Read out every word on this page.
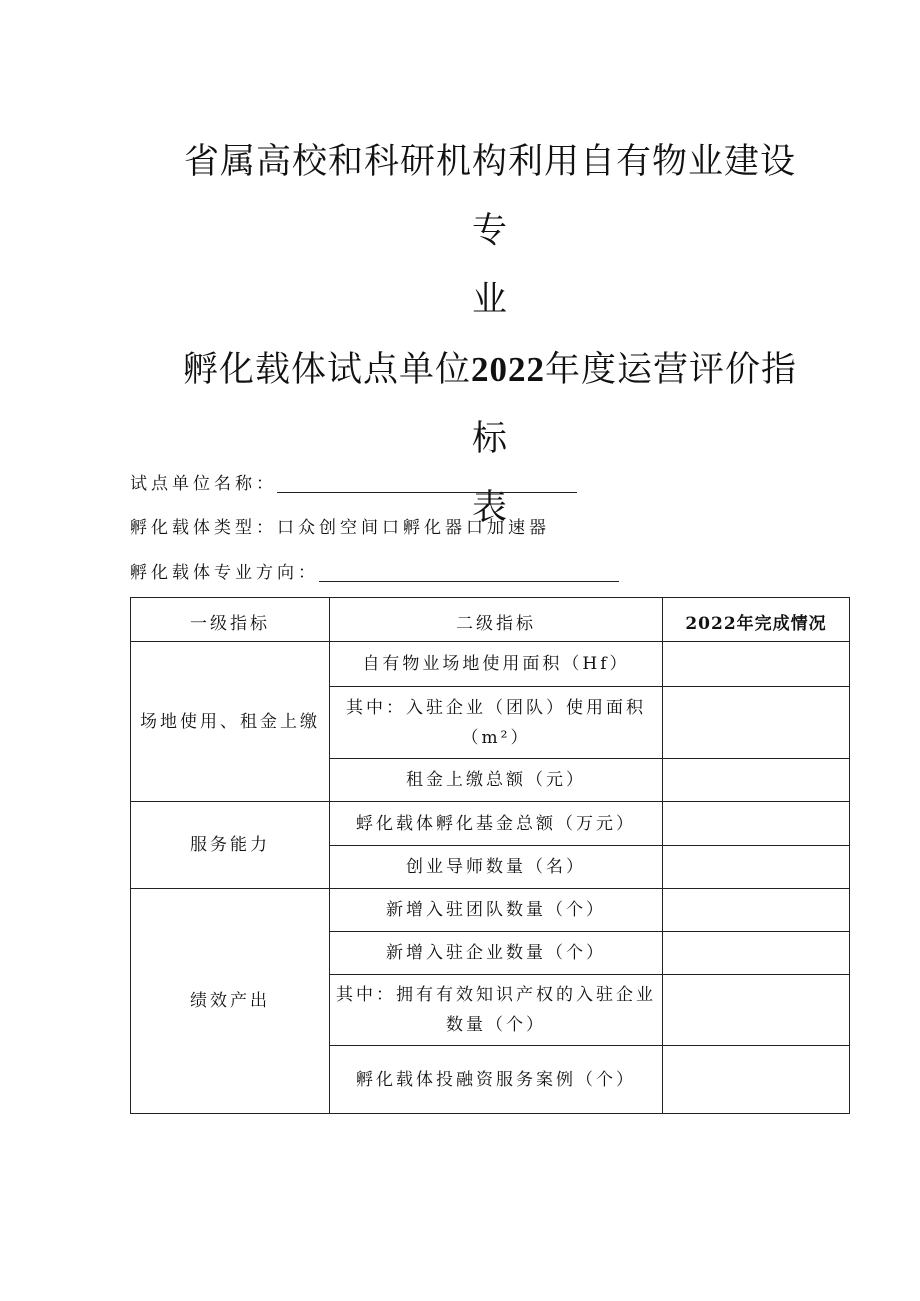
省属高校和科研机构利用自有物业建设专
业
孵化载体试点单位2022年度运营评价指标
表
试点单位名称：
孵化载体类型：口众创空间口孵化器口加速器
孵化载体专业方向：
一级指标	二级指标	2022年完成情况
场地使用、租金上缴	自有物业场地使用面积（Hf）	
	其中：入驻企业（团队）使用面积（m²）	
	租金上缴总额（元）	
服务能力	蜉化载体孵化基金总额（万元）	
	创业导师数量（名）	
绩效产出	新增入驻团队数量（个）	
	新增入驻企业数量（个）	
	其中：拥有有效知识产权的入驻企业数量（个）	
	孵化载体投融资服务案例（个）	
